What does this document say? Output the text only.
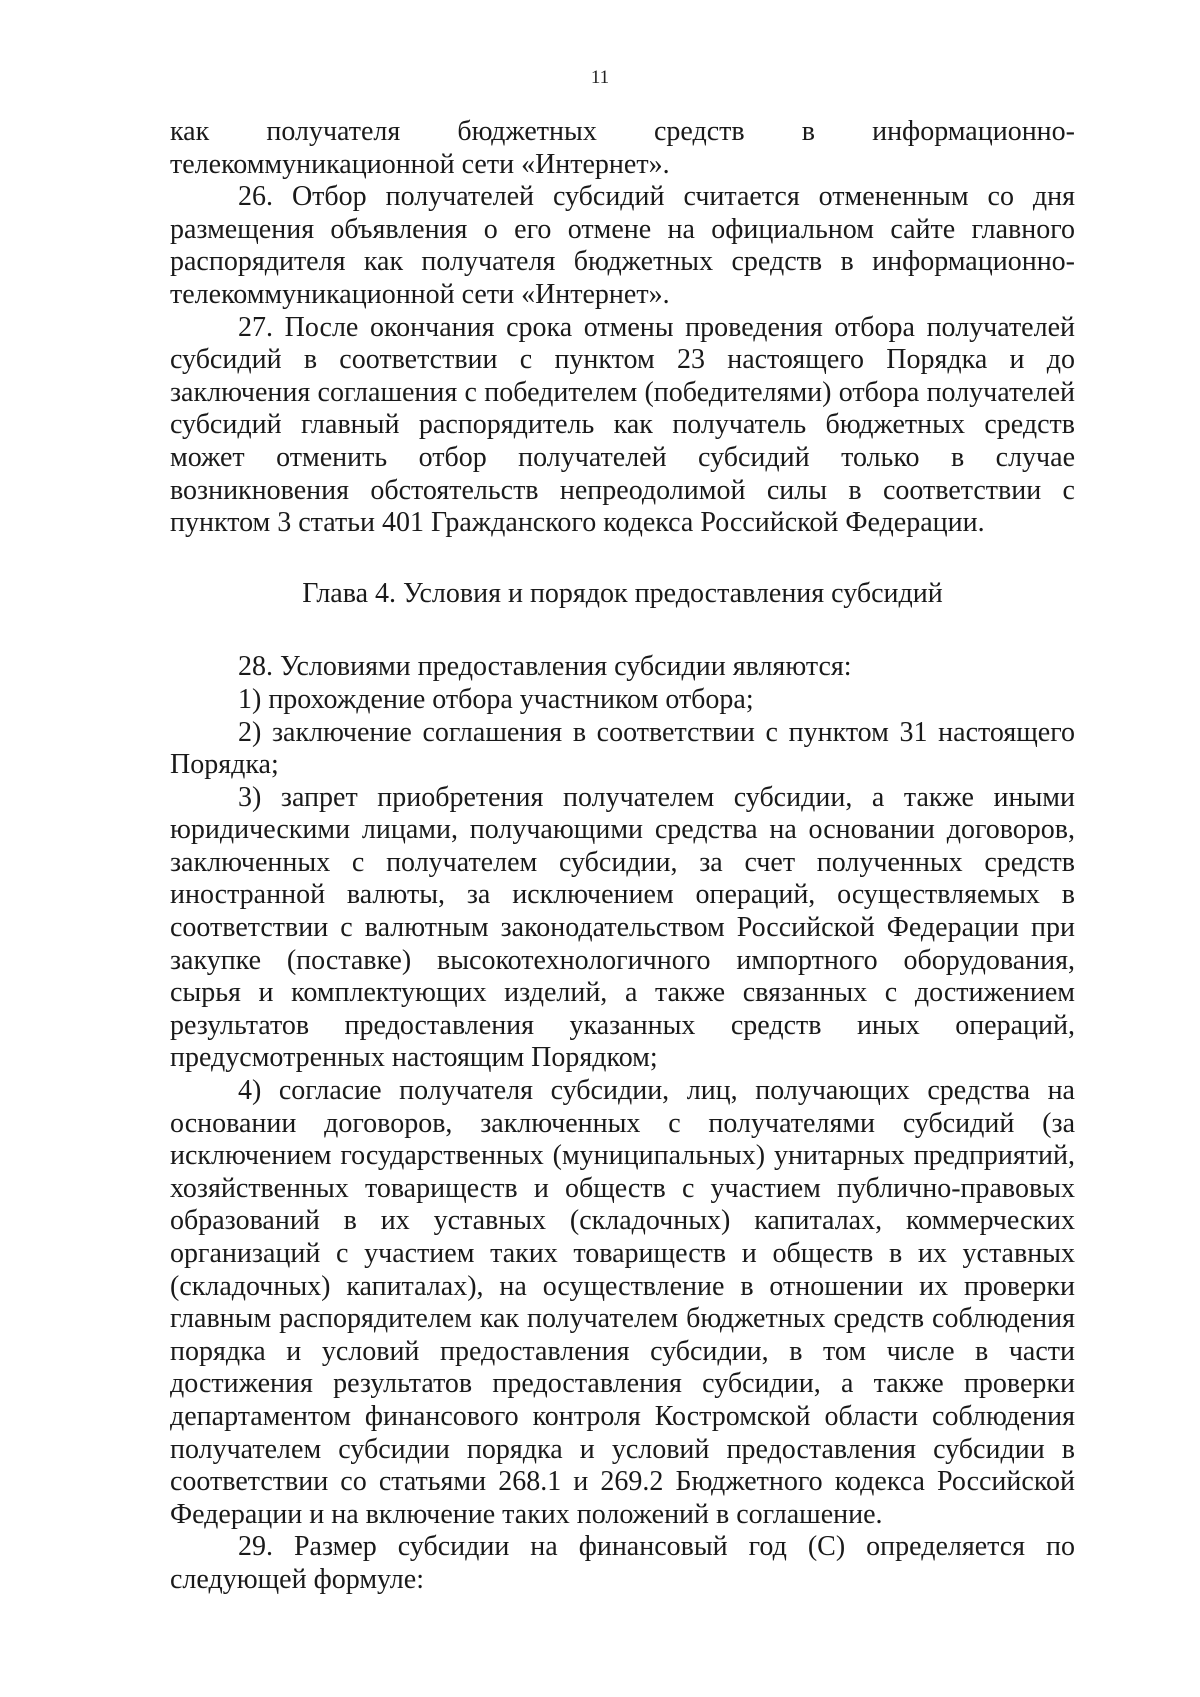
11

как получателя бюджетных средств в информационно-

телекоммуникационной сети «Интернет».

26. Отбор получателей субсидий считается отмененным со дня размещения объявления о его отмене на официальном сайте главного распорядителя как получателя бюджетных средств в информационно-телекоммуникационной сети «Интернет».

27. После окончания срока отмены проведения отбора получателей субсидий в соответствии с пунктом 23 настоящего Порядка и до заключения соглашения с победителем (победителями) отбора получателей субсидий главный распорядитель как получатель бюджетных средств может отменить отбор получателей субсидий только в случае возникновения обстоятельств непреодолимой силы в соответствии с пунктом 3 статьи 401 Гражданского кодекса Российской Федерации.

Глава 4. Условия и порядок предоставления субсидий

28. Условиями предоставления субсидии являются:

1) прохождение отбора участником отбора;

2) заключение соглашения в соответствии с пунктом 31 настоящего Порядка;

3) запрет приобретения получателем субсидии, а также иными юридическими лицами, получающими средства на основании договоров, заключенных с получателем субсидии, за счет полученных средств иностранной валюты, за исключением операций, осуществляемых в соответствии с валютным законодательством Российской Федерации при закупке (поставке) высокотехнологичного импортного оборудования, сырья и комплектующих изделий, а также связанных с достижением результатов предоставления указанных средств иных операций, предусмотренных настоящим Порядком;

4) согласие получателя субсидии, лиц, получающих средства на основании договоров, заключенных с получателями субсидий (за исключением государственных (муниципальных) унитарных предприятий, хозяйственных товариществ и обществ с участием публично-правовых образований в их уставных (складочных) капиталах, коммерческих организаций с участием таких товариществ и обществ в их уставных (складочных) капиталах), на осуществление в отношении их проверки главным распорядителем как получателем бюджетных средств соблюдения порядка и условий предоставления субсидии, в том числе в части достижения результатов предоставления субсидии, а также проверки департаментом финансового контроля Костромской области соблюдения получателем субсидии порядка и условий предоставления субсидии в соответствии со статьями 268.1 и 269.2 Бюджетного кодекса Российской Федерации и на включение таких положений в соглашение.

29. Размер субсидии на финансовый год (С) определяется по следующей формуле:
